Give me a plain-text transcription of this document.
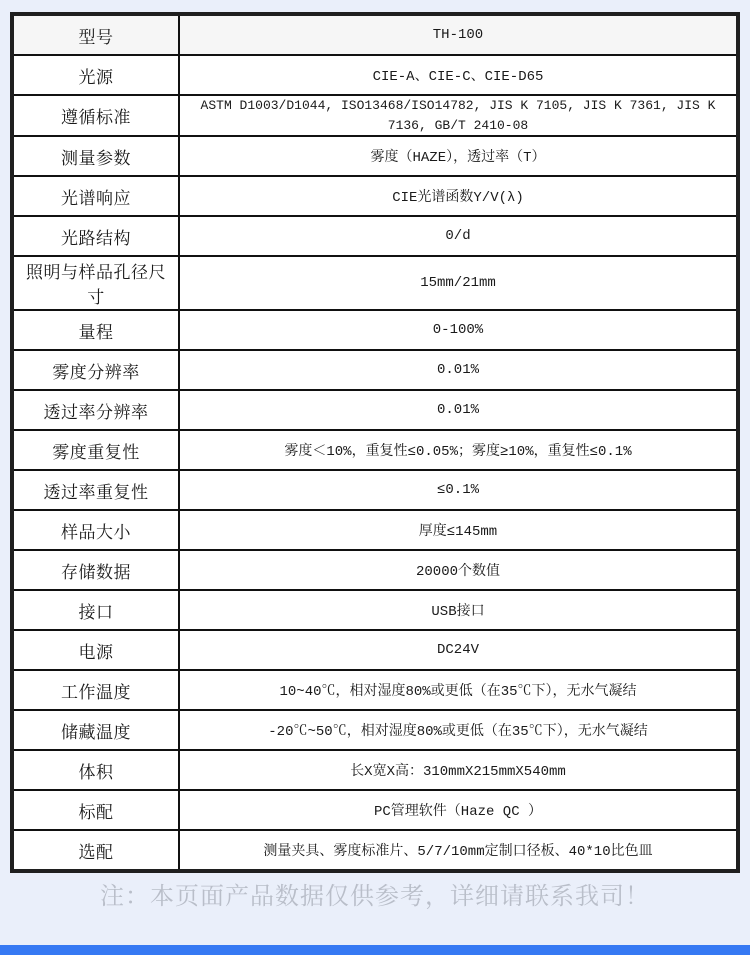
型号	TH-100
光源	CIE-A、CIE-C、CIE-D65
遵循标准	ASTM D1003/D1044, ISO13468/ISO14782, JIS K 7105, JIS K 7361, JIS K 7136, GB/T 2410-08
测量参数	雾度（HAZE），透过率（T）
光谱响应	CIE光谱函数Y/V(λ)
光路结构	0/d
照明与样品孔径尺寸	15mm/21mm
量程	0-100%
雾度分辨率	0.01%
透过率分辨率	0.01%
雾度重复性	雾度＜10%，重复性≤0.05%；雾度≥10%，重复性≤0.1%
透过率重复性	≤0.1%
样品大小	厚度≤145mm
存储数据	20000个数值
接口	USB接口
电源	DC24V
工作温度	10~40℃，相对湿度80%或更低（在35℃下），无水气凝结
储藏温度	-20℃~50℃，相对湿度80%或更低（在35℃下），无水气凝结
体积	长X宽X高：310mmX215mmX540mm
标配	PC管理软件（Haze QC ）
选配	测量夹具、雾度标准片、5/7/10mm定制口径板、40*10比色皿
注：本页面产品数据仅供参考，详细请联系我司！
